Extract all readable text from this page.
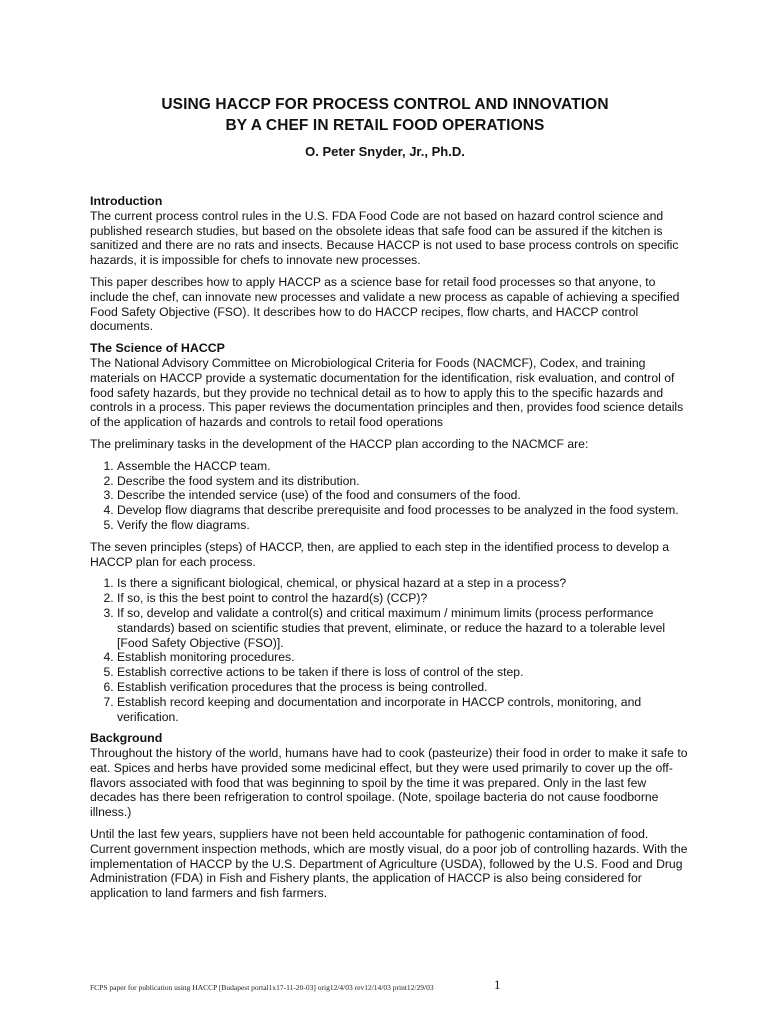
USING HACCP FOR PROCESS CONTROL AND INNOVATION
BY A CHEF IN RETAIL FOOD OPERATIONS
O. Peter Snyder, Jr., Ph.D.
Introduction

The current process control rules in the U.S. FDA Food Code are not based on hazard control science and published research studies, but based on the obsolete ideas that safe food can be assured if the kitchen is sanitized and there are no rats and insects. Because HACCP is not used to base process controls on specific hazards, it is impossible for chefs to innovate new processes.

This paper describes how to apply HACCP as a science base for retail food processes so that anyone, to include the chef, can innovate new processes and validate a new process as capable of achieving a specified Food Safety Objective (FSO). It describes how to do HACCP recipes, flow charts, and HACCP control documents.

The Science of HACCP

The National Advisory Committee on Microbiological Criteria for Foods (NACMCF), Codex, and training materials on HACCP provide a systematic documentation for the identification, risk evaluation, and control of food safety hazards, but they provide no technical detail as to how to apply this to the specific hazards and controls in a process. This paper reviews the documentation principles and then, provides food science details of the application of hazards and controls to retail food operations

The preliminary tasks in the development of the HACCP plan according to the NACMCF are:

1. Assemble the HACCP team.
2. Describe the food system and its distribution.
3. Describe the intended service (use) of the food and consumers of the food.
4. Develop flow diagrams that describe prerequisite and food processes to be analyzed in the food system.
5. Verify the flow diagrams.

The seven principles (steps) of HACCP, then, are applied to each step in the identified process to develop a HACCP plan for each process.

1. Is there a significant biological, chemical, or physical hazard at a step in a process?
2. If so, is this the best point to control the hazard(s) (CCP)?
3. If so, develop and validate a control(s) and critical maximum / minimum limits (process performance standards) based on scientific studies that prevent, eliminate, or reduce the hazard to a tolerable level [Food Safety Objective (FSO)].
4. Establish monitoring procedures.
5. Establish corrective actions to be taken if there is loss of control of the step.
6. Establish verification procedures that the process is being controlled.
7. Establish record keeping and documentation and incorporate in HACCP controls, monitoring, and verification.
Background

Throughout the history of the world, humans have had to cook (pasteurize) their food in order to make it safe to eat. Spices and herbs have provided some medicinal effect, but they were used primarily to cover up the off-flavors associated with food that was beginning to spoil by the time it was prepared. Only in the last few decades has there been refrigeration to control spoilage. (Note, spoilage bacteria do not cause foodborne illness.)

Until the last few years, suppliers have not been held accountable for pathogenic contamination of food. Current government inspection methods, which are mostly visual, do a poor job of controlling hazards. With the implementation of HACCP by the U.S. Department of Agriculture (USDA), followed by the U.S. Food and Drug Administration (FDA) in Fish and Fishery plants, the application of HACCP is also being considered for application to land farmers and fish farmers.

FCPS paper for publication using HACCP [Budapest portal1x17-11-20-03] orig12/4/03 rev12/14/03 print12/29/03	1
